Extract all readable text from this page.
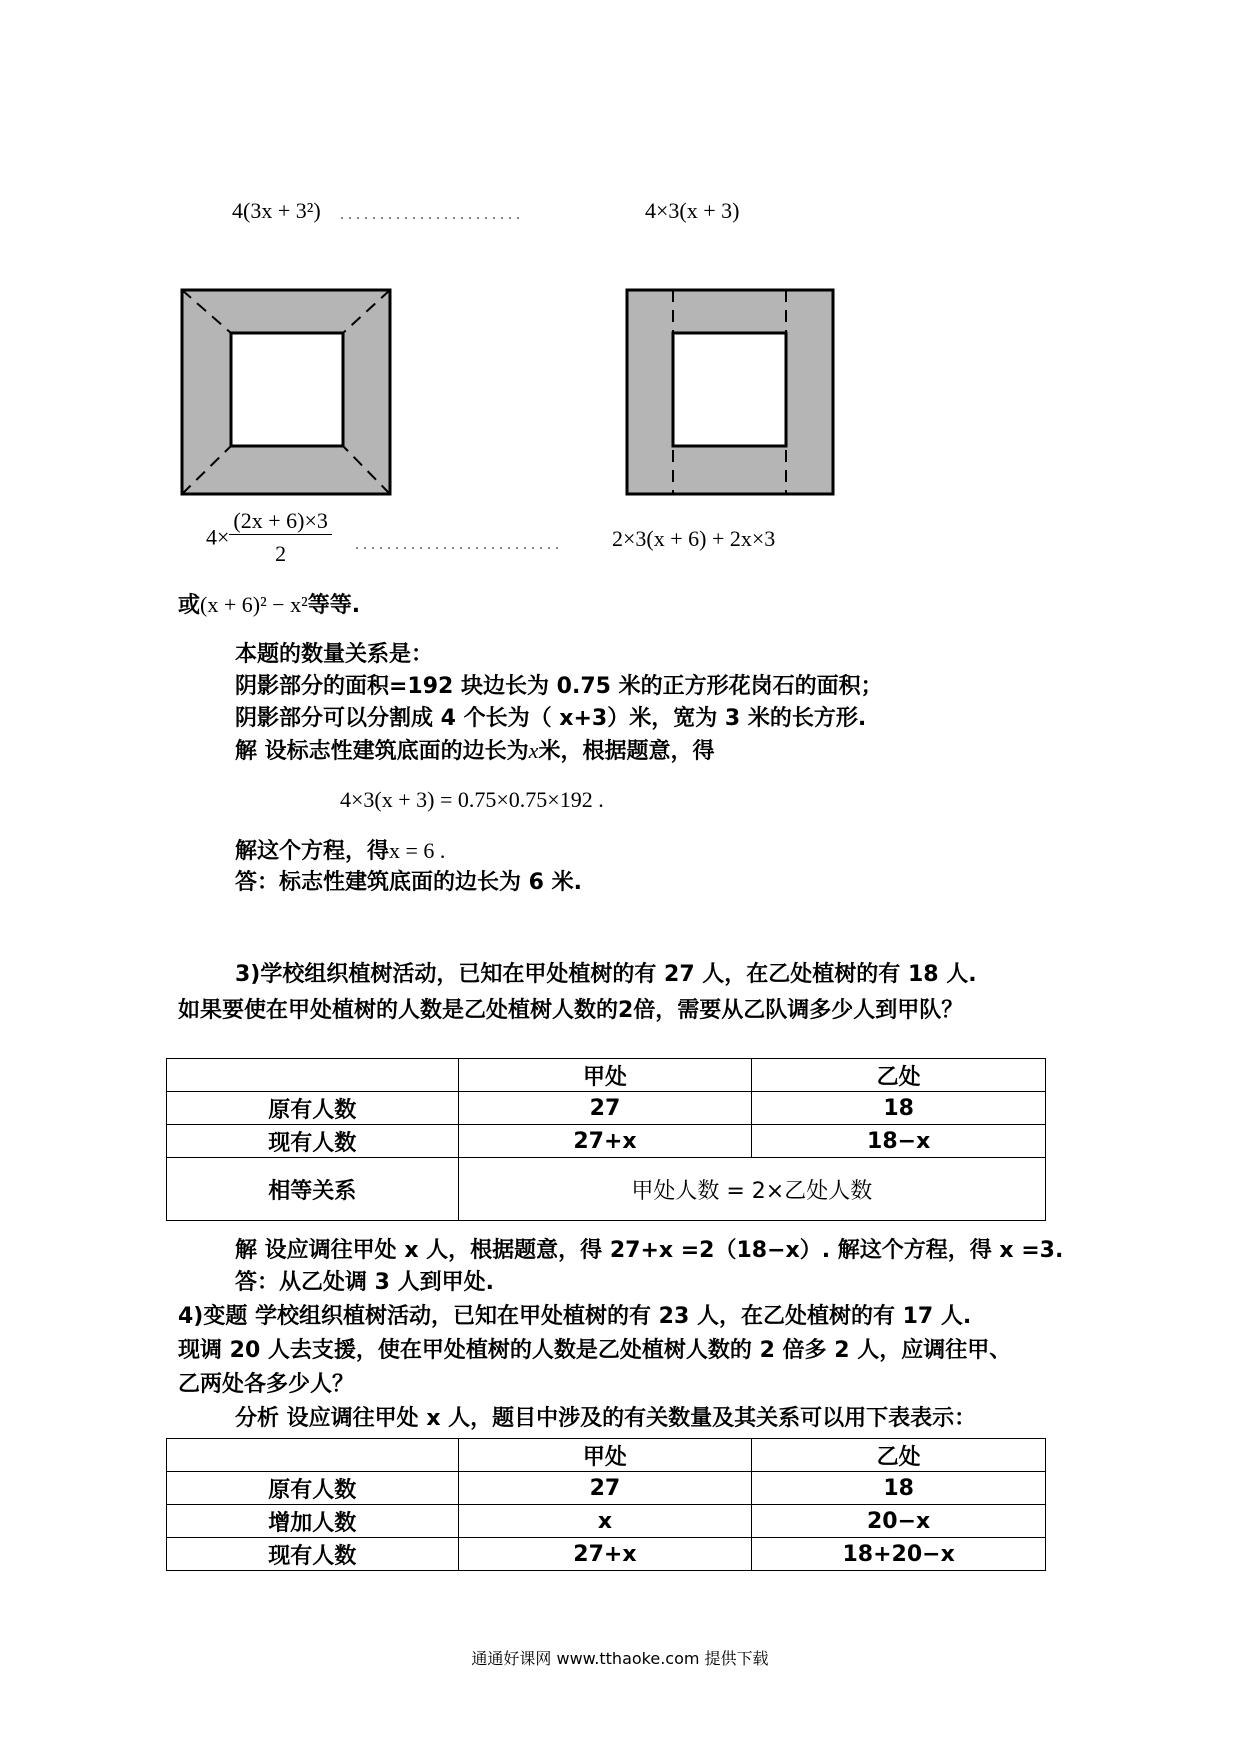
4(3x + 3²) .......................	4×3(x + 3)
$4\times \frac{(2x + 6)\times 3}{2}$ .......................... 2×3(x + 6) + 2x×3
或(x + 6)² − x²等等.
本题的数量关系是：
阴影部分的面积=192 块边长为 0.75 米的正方形花岗石的面积；
阴影部分可以分割成 4 个长为（ x+3）米，宽为 3 米的长方形.
解 设标志性建筑底面的边长为x米，根据题意，得
4×3(x + 3) = 0.75×0.75×192 .
解这个方程，得x = 6 .
答：标志性建筑底面的边长为 6 米.
3)学校组织植树活动，已知在甲处植树的有 27 人，在乙处植树的有 18 人.
如果要使在甲处植树的人数是乙处植树人数的2倍，需要从乙队调多少人到甲队？
	甲处	乙处
原有人数	27	18
现有人数	27+x	18−x
相等关系	甲处人数 = 2×乙处人数	
解 设应调往甲处 x 人，根据题意，得 27+x =2（18−x）. 解这个方程，得 x =3.
答：从乙处调 3 人到甲处.
4)变题 学校组织植树活动，已知在甲处植树的有 23 人，在乙处植树的有 17 人.
现调 20 人去支援，使在甲处植树的人数是乙处植树人数的 2 倍多 2 人，应调往甲、
乙两处各多少人？
分析 设应调往甲处 x 人，题目中涉及的有关数量及其关系可以用下表表示：
	甲处	乙处
原有人数	27	18
增加人数	x	20−x
现有人数	27+x	18+20−x
通通好课网 www.tthaoke.com 提供下载
